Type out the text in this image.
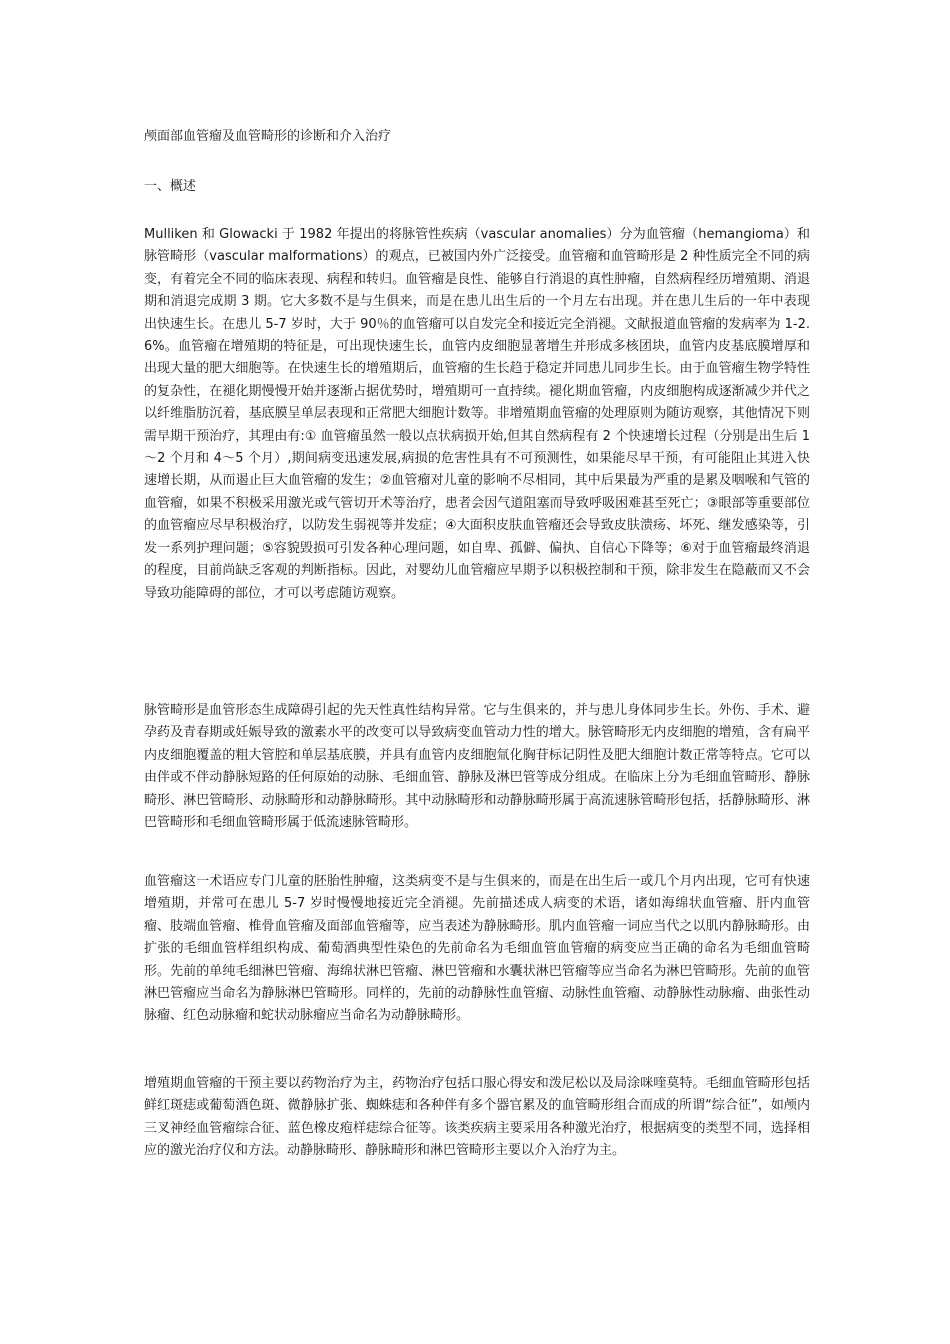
颅面部血管瘤及血管畸形的诊断和介入治疗
一、概述

Mulliken 和 Glowacki 于 1982 年提出的将脉管性疾病（vascular anomalies）分为血管瘤（hemangioma）和脉管畸形（vascular malformations）的观点，已被国内外广泛接受。血管瘤和血管畸形是 2 种性质完全不同的病变，有着完全不同的临床表现、病程和转归。血管瘤是良性、能够自行消退的真性肿瘤，自然病程经历增殖期、消退期和消退完成期 3 期。它大多数不是与生俱来，而是在患儿出生后的一个月左右出现。并在患儿生后的一年中表现出快速生长。在患儿 5-7 岁时，大于 90％的血管瘤可以自发完全和接近完全消褪。文献报道血管瘤的发病率为 1-2.6%。血管瘤在增殖期的特征是，可出现快速生长，血管内皮细胞显著增生并形成多核团块，血管内皮基底膜增厚和出现大量的肥大细胞等。在快速生长的增殖期后，血管瘤的生长趋于稳定并同患儿同步生长。由于血管瘤生物学特性的复杂性，在褪化期慢慢开始并逐渐占据优势时，增殖期可一直持续。褪化期血管瘤，内皮细胞构成逐渐减少并代之以纤维脂肪沉着，基底膜呈单层表现和正常肥大细胞计数等。非增殖期血管瘤的处理原则为随访观察，其他情况下则需早期干预治疗，其理由有:① 血管瘤虽然一般以点状病损开始,但其自然病程有 2 个快速增长过程（分别是出生后 1～2 个月和 4～5 个月）,期间病变迅速发展,病损的危害性具有不可预测性，如果能尽早干预，有可能阻止其进入快速增长期，从而遏止巨大血管瘤的发生；②血管瘤对儿童的影响不尽相同，其中后果最为严重的是累及咽喉和气管的血管瘤，如果不积极采用激光或气管切开术等治疗，患者会因气道阻塞而导致呼吸困难甚至死亡；③眼部等重要部位的血管瘤应尽早积极治疗，以防发生弱视等并发症；④大面积皮肤血管瘤还会导致皮肤溃疡、坏死、继发感染等，引发一系列护理问题；⑤容貌毁损可引发各种心理问题，如自卑、孤僻、偏执、自信心下降等；⑥对于血管瘤最终消退的程度，目前尚缺乏客观的判断指标。因此，对婴幼儿血管瘤应早期予以积极控制和干预，除非发生在隐蔽而又不会导致功能障碍的部位，才可以考虑随访观察。

脉管畸形是血管形态生成障碍引起的先天性真性结构异常。它与生俱来的，并与患儿身体同步生长。外伤、手术、避孕药及青春期或妊娠导致的激素水平的改变可以导致病变血管动力性的增大。脉管畸形无内皮细胞的增殖，含有扁平内皮细胞覆盖的粗大管腔和单层基底膜，并具有血管内皮细胞氚化胸苷标记阴性及肥大细胞计数正常等特点。它可以由伴或不伴动静脉短路的任何原始的动脉、毛细血管、静脉及淋巴管等成分组成。在临床上分为毛细血管畸形、静脉畸形、淋巴管畸形、动脉畸形和动静脉畸形。其中动脉畸形和动静脉畸形属于高流速脉管畸形包括，括静脉畸形、淋巴管畸形和毛细血管畸形属于低流速脉管畸形。

血管瘤这一术语应专门儿童的胚胎性肿瘤，这类病变不是与生俱来的，而是在出生后一或几个月内出现，它可有快速增殖期，并常可在患儿 5-7 岁时慢慢地接近完全消褪。先前描述成人病变的术语，诸如海绵状血管瘤、肝内血管瘤、肢端血管瘤、椎骨血管瘤及面部血管瘤等，应当表述为静脉畸形。肌内血管瘤一词应当代之以肌内静脉畸形。由扩张的毛细血管样组织构成、葡萄酒典型性染色的先前命名为毛细血管血管瘤的病变应当正确的命名为毛细血管畸形。先前的单纯毛细淋巴管瘤、海绵状淋巴管瘤、淋巴管瘤和水囊状淋巴管瘤等应当命名为淋巴管畸形。先前的血管淋巴管瘤应当命名为静脉淋巴管畸形。同样的，先前的动静脉性血管瘤、动脉性血管瘤、动静脉性动脉瘤、曲张性动脉瘤、红色动脉瘤和蛇状动脉瘤应当命名为动静脉畸形。

增殖期血管瘤的干预主要以药物治疗为主，药物治疗包括口服心得安和泼尼松以及局涂咪喹莫特。毛细血管畸形包括鲜红斑痣或葡萄酒色斑、微静脉扩张、蜘蛛痣和各种伴有多个器官累及的血管畸形组合而成的所谓“综合征”，如颅内三叉神经血管瘤综合征、蓝色橡皮疱样痣综合征等。该类疾病主要采用各种激光治疗，根据病变的类型不同，选择相应的激光治疗仪和方法。动静脉畸形、静脉畸形和淋巴管畸形主要以介入治疗为主。
